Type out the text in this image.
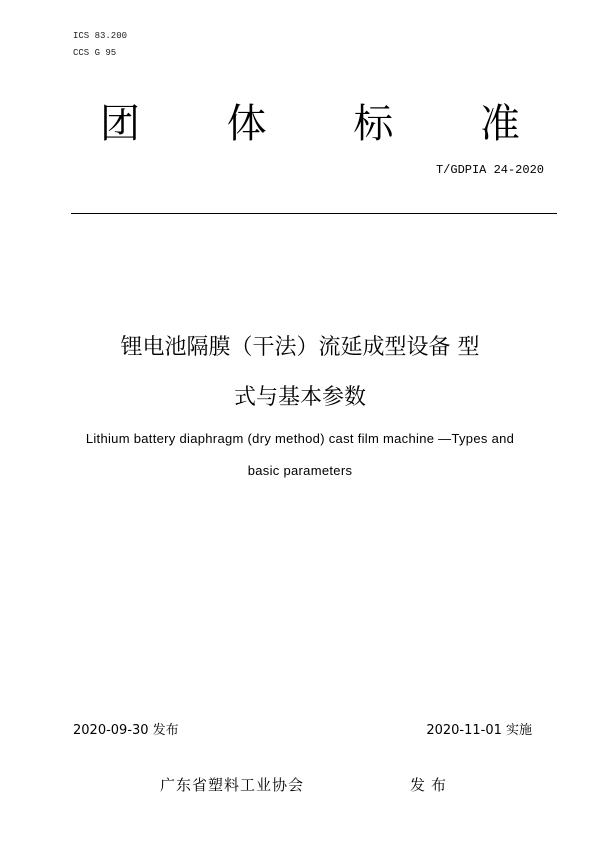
ICS 83.200
CCS G 95
团 体 标 准
T/GDPIA 24-2020
锂电池隔膜（干法）流延成型设备 型
式与基本参数
Lithium battery diaphragm (dry method) cast film machine —Types and
basic parameters
2020-09-30 发布	2020-11-01 实施
广东省塑料工业协会	发布
